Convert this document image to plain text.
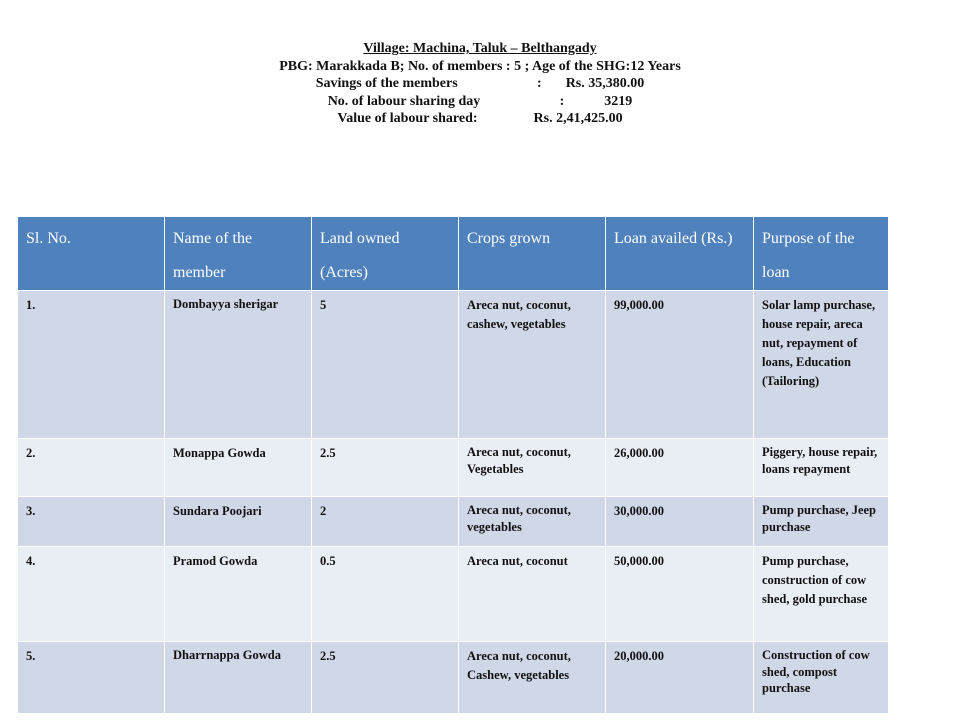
Village: Machina, Taluk – Belthangady
PBG: Marakkada B; No. of members : 5 ; Age of the SHG:12 Years
Savings of the members	: Rs. 35,380.00
No. of labour sharing day	:	3219
Value of labour shared:	Rs. 2,41,425.00
Sl. No.	Name of the member	Land owned (Acres)	Crops grown	Loan availed (Rs.)	Purpose of the loan
1.	Dombayya sherigar	5	Areca nut, coconut, cashew, vegetables	99,000.00	Solar lamp purchase, house repair, areca nut, repayment of loans, Education (Tailoring)
2.	Monappa Gowda	2.5	Areca nut, coconut, Vegetables	26,000.00	Piggery, house repair, loans repayment

3.	Sundara Poojari	2	Areca nut, coconut, vegetables	30,000.00	Pump purchase, Jeep purchase

4.	Pramod Gowda	0.5	Areca nut, coconut	50,000.00	Pump purchase, construction of cow shed, gold purchase
5.	Dharrnappa Gowda	2.5	Areca nut, coconut, Cashew, vegetables	20,000.00	Construction of cow shed, compost purchase
